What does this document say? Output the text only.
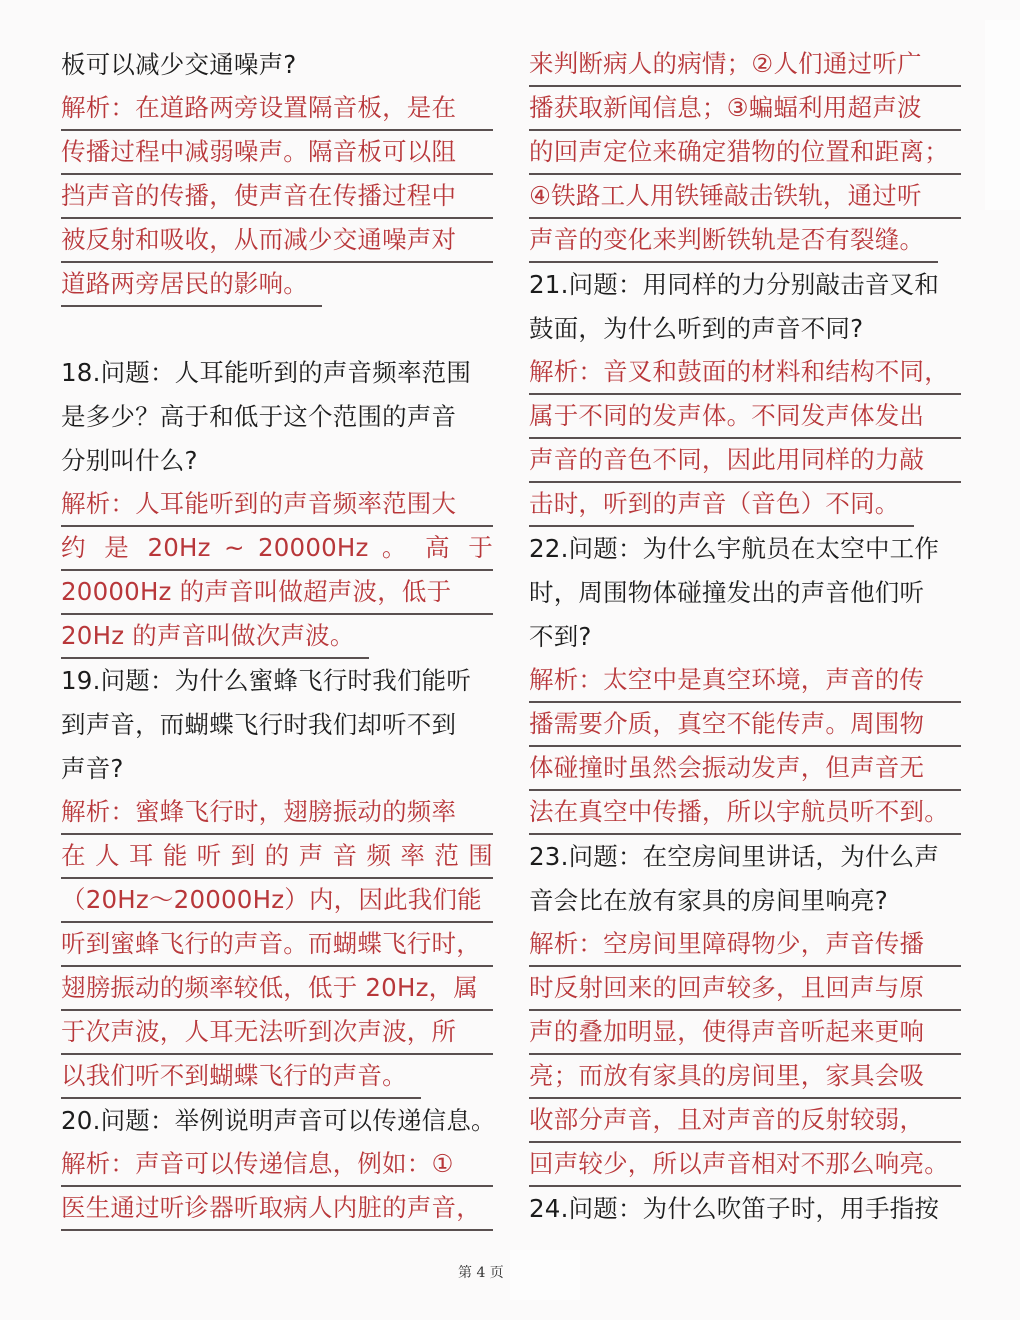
板可以减少交通噪声?
解析：在道路两旁设置隔音板，是在
传播过程中减弱噪声。隔音板可以阻
挡声音的传播，使声音在传播过程中
被反射和吸收，从而减少交通噪声对
道路两旁居民的影响。
18.问题：人耳能听到的声音频率范围
是多少？高于和低于这个范围的声音
分别叫什么?
解析：人耳能听到的声音频率范围大
约 是 20Hz ~ 20000Hz 。 高 于
20000Hz 的声音叫做超声波，低于
20Hz 的声音叫做次声波。
19.问题：为什么蜜蜂飞行时我们能听
到声音，而蝴蝶飞行时我们却听不到
声音?
解析：蜜蜂飞行时，翅膀振动的频率
在 人 耳 能 听 到 的 声 音 频 率 范 围
（20Hz～20000Hz）内，因此我们能
听到蜜蜂飞行的声音。而蝴蝶飞行时，
翅膀振动的频率较低，低于 20Hz，属
于次声波，人耳无法听到次声波，所
以我们听不到蝴蝶飞行的声音。
20.问题：举例说明声音可以传递信息。
解析：声音可以传递信息，例如：①
医生通过听诊器听取病人内脏的声音，
来判断病人的病情；②人们通过听广
播获取新闻信息；③蝙蝠利用超声波
的回声定位来确定猎物的位置和距离；
④铁路工人用铁锤敲击铁轨，通过听
声音的变化来判断铁轨是否有裂缝。
21.问题：用同样的力分别敲击音叉和
鼓面，为什么听到的声音不同?
解析：音叉和鼓面的材料和结构不同，
属于不同的发声体。不同发声体发出
声音的音色不同，因此用同样的力敲
击时，听到的声音（音色）不同。
22.问题：为什么宇航员在太空中工作
时，周围物体碰撞发出的声音他们听
不到?
解析：太空中是真空环境，声音的传
播需要介质，真空不能传声。周围物
体碰撞时虽然会振动发声，但声音无
法在真空中传播，所以宇航员听不到。
23.问题：在空房间里讲话，为什么声
音会比在放有家具的房间里响亮?
解析：空房间里障碍物少，声音传播
时反射回来的回声较多，且回声与原
声的叠加明显，使得声音听起来更响
亮；而放有家具的房间里，家具会吸
收部分声音，且对声音的反射较弱，
回声较少，所以声音相对不那么响亮。
24.问题：为什么吹笛子时，用手指按
第 4 页
